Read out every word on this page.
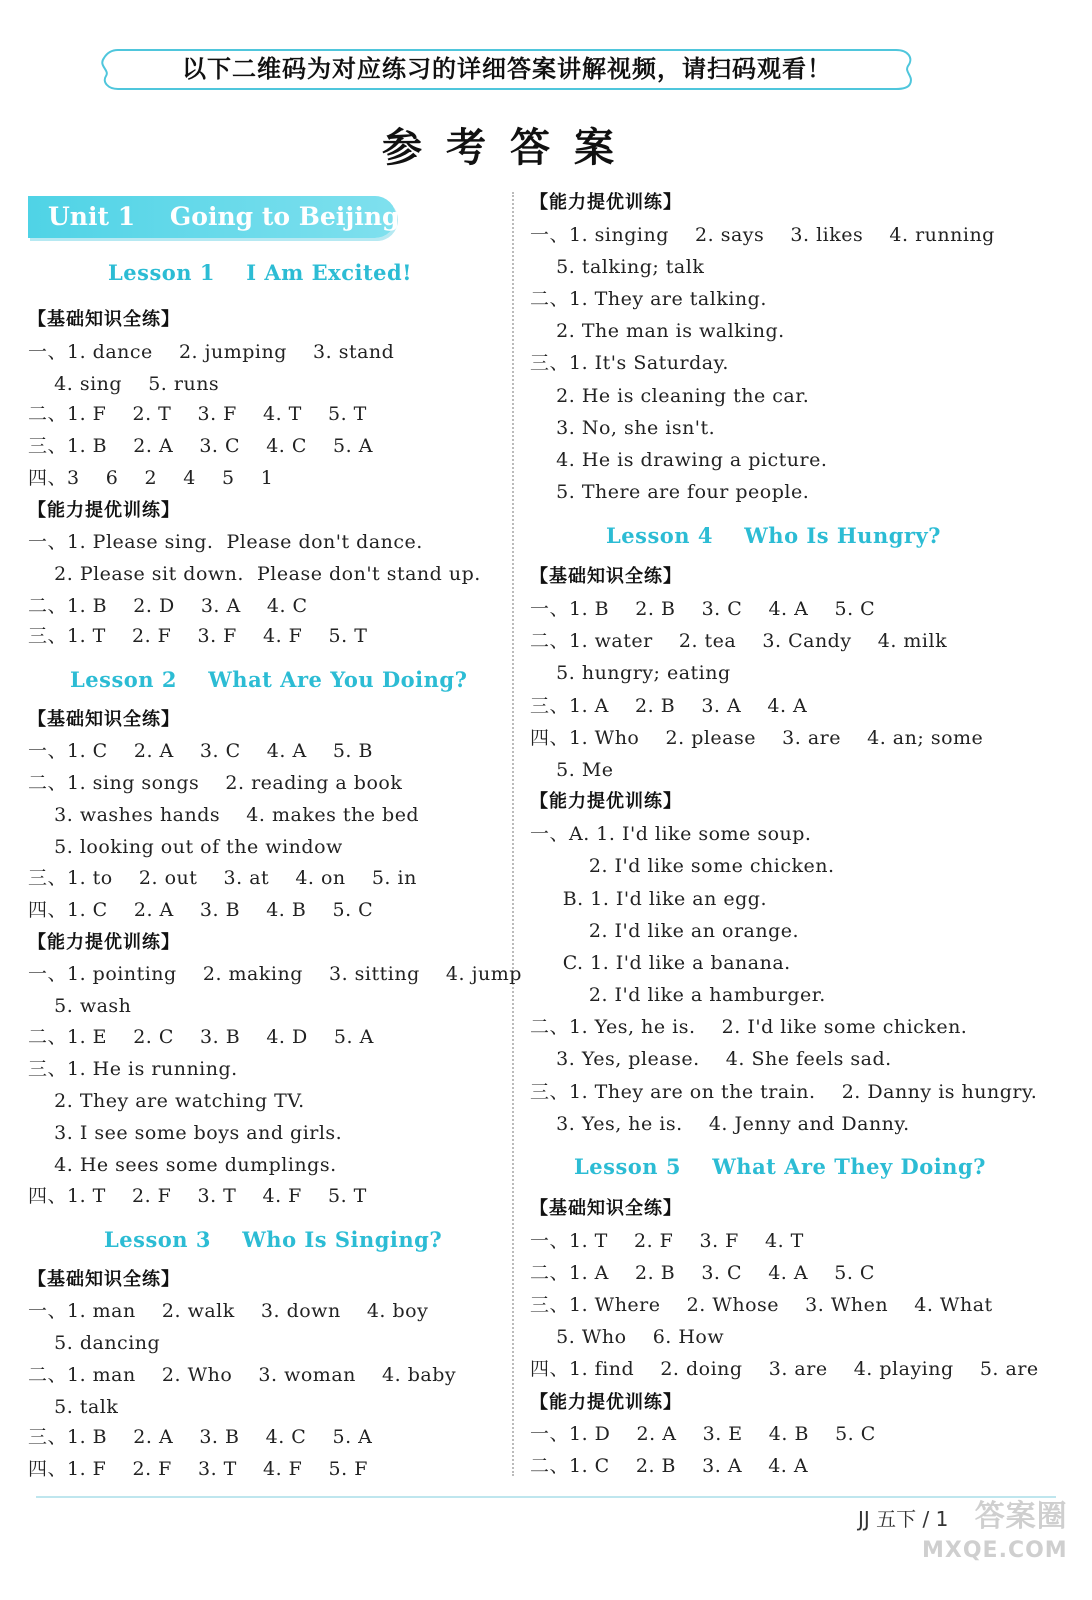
以下二维码为对应练习的详细答案讲解视频，请扫码观看！
参考答案
Unit 1    Going to Beijing
Lesson 1    I Am Excited!
【基础知识全练】
一、1. dance    2. jumping    3. stand
4. sing    5. runs
二、1. F    2. T    3. F    4. T    5. T
三、1. B    2. A    3. C    4. C    5. A
四、3    6    2    4    5    1
【能力提优训练】
一、1. Please sing.  Please don't dance.
2. Please sit down.  Please don't stand up.
二、1. B    2. D    3. A    4. C
三、1. T    2. F    3. F    4. F    5. T
Lesson 2    What Are You Doing?
【基础知识全练】
一、1. C    2. A    3. C    4. A    5. B
二、1. sing songs    2. reading a book
3. washes hands    4. makes the bed
5. looking out of the window
三、1. to    2. out    3. at    4. on    5. in
四、1. C    2. A    3. B    4. B    5. C
【能力提优训练】
一、1. pointing    2. making    3. sitting    4. jump
5. wash
二、1. E    2. C    3. B    4. D    5. A
三、1. He is running.
2. They are watching TV.
3. I see some boys and girls.
4. He sees some dumplings.
四、1. T    2. F    3. T    4. F    5. T
Lesson 3    Who Is Singing?
【基础知识全练】
一、1. man    2. walk    3. down    4. boy
5. dancing
二、1. man    2. Who    3. woman    4. baby
5. talk
三、1. B    2. A    3. B    4. C    5. A
四、1. F    2. F    3. T    4. F    5. F
【能力提优训练】
一、1. singing    2. says    3. likes    4. running
5. talking; talk
二、1. They are talking.
2. The man is walking.
三、1. It's Saturday.
2. He is cleaning the car.
3. No, she isn't.
4. He is drawing a picture.
5. There are four people.
Lesson 4    Who Is Hungry?
【基础知识全练】
一、1. B    2. B    3. C    4. A    5. C
二、1. water    2. tea    3. Candy    4. milk
5. hungry; eating
三、1. A    2. B    3. A    4. A
四、1. Who    2. please    3. are    4. an; some
5. Me
【能力提优训练】
一、A. 1. I'd like some soup.
2. I'd like some chicken.
B. 1. I'd like an egg.
2. I'd like an orange.
C. 1. I'd like a banana.
2. I'd like a hamburger.
二、1. Yes, he is.    2. I'd like some chicken.
3. Yes, please.    4. She feels sad.
三、1. They are on the train.    2. Danny is hungry.
3. Yes, he is.    4. Jenny and Danny.
Lesson 5    What Are They Doing?
【基础知识全练】
一、1. T    2. F    3. F    4. T
二、1. A    2. B    3. C    4. A    5. C
三、1. Where    2. Whose    3. When    4. What
5. Who    6. How
四、1. find    2. doing    3. are    4. playing    5. are
【能力提优训练】
一、1. D    2. A    3. E    4. B    5. C
二、1. C    2. B    3. A    4. A
JJ 五下 / 1 答案圈
MXQE.COM
